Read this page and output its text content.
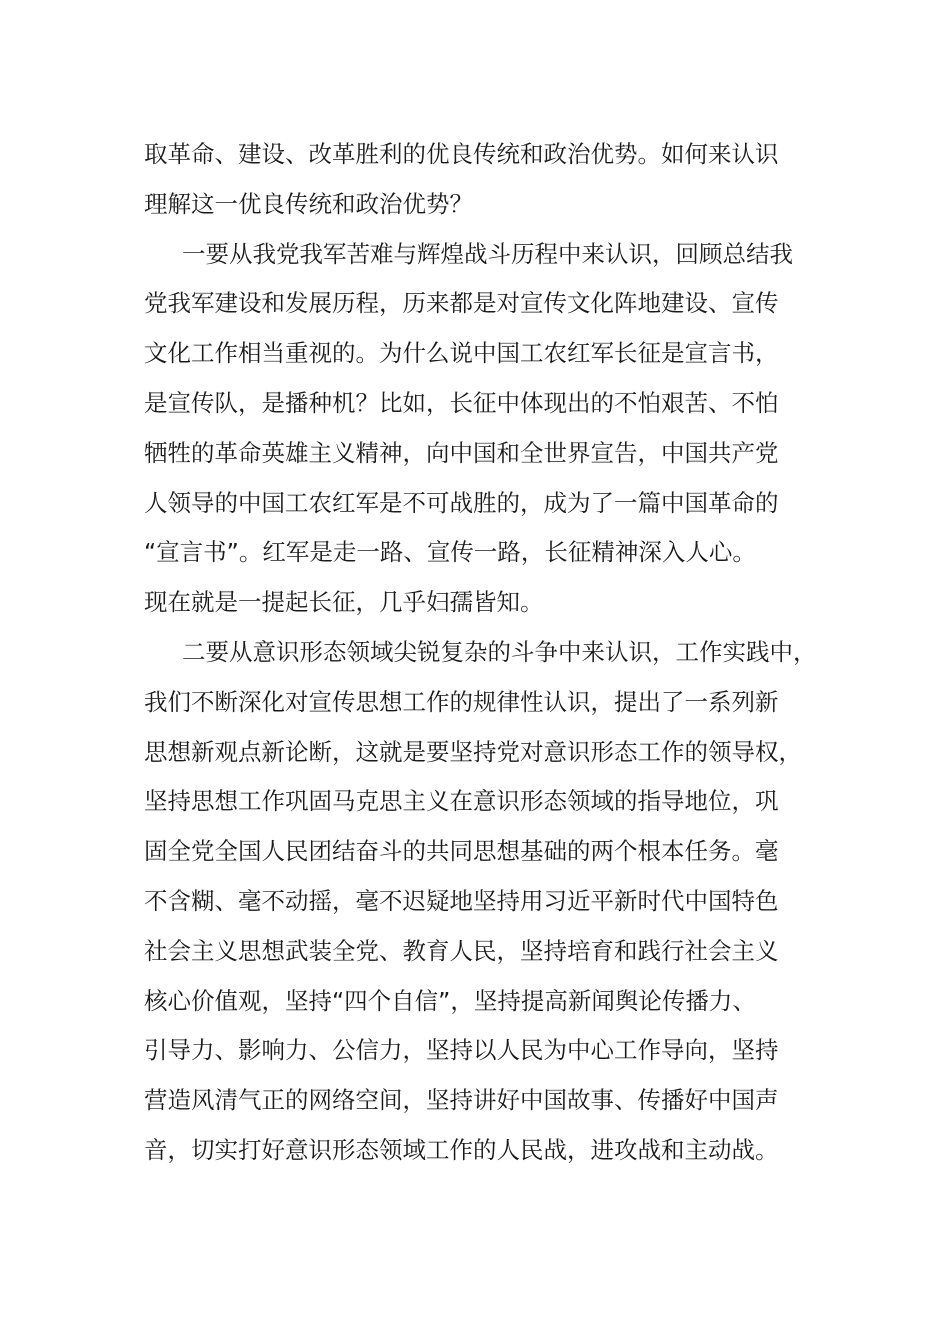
取革命、建设、改革胜利的优良传统和政治优势。如何来认识
理解这一优良传统和政治优势？
一要从我党我军苦难与辉煌战斗历程中来认识，回顾总结我
党我军建设和发展历程，历来都是对宣传文化阵地建设、宣传
文化工作相当重视的。为什么说中国工农红军长征是宣言书，
是宣传队，是播种机？比如，长征中体现出的不怕艰苦、不怕
牺牲的革命英雄主义精神，向中国和全世界宣告，中国共产党
人领导的中国工农红军是不可战胜的，成为了一篇中国革命的
“宣言书”。红军是走一路、宣传一路，长征精神深入人心。
现在就是一提起长征，几乎妇孺皆知。
二要从意识形态领域尖锐复杂的斗争中来认识，工作实践中，
我们不断深化对宣传思想工作的规律性认识，提出了一系列新
思想新观点新论断，这就是要坚持党对意识形态工作的领导权，
坚持思想工作巩固马克思主义在意识形态领域的指导地位，巩
固全党全国人民团结奋斗的共同思想基础的两个根本任务。毫
不含糊、毫不动摇，毫不迟疑地坚持用习近平新时代中国特色
社会主义思想武装全党、教育人民，坚持培育和践行社会主义
核心价值观，坚持“四个自信”，坚持提高新闻舆论传播力、
引导力、影响力、公信力，坚持以人民为中心工作导向，坚持
营造风清气正的网络空间，坚持讲好中国故事、传播好中国声
音，切实打好意识形态领域工作的人民战，进攻战和主动战。
